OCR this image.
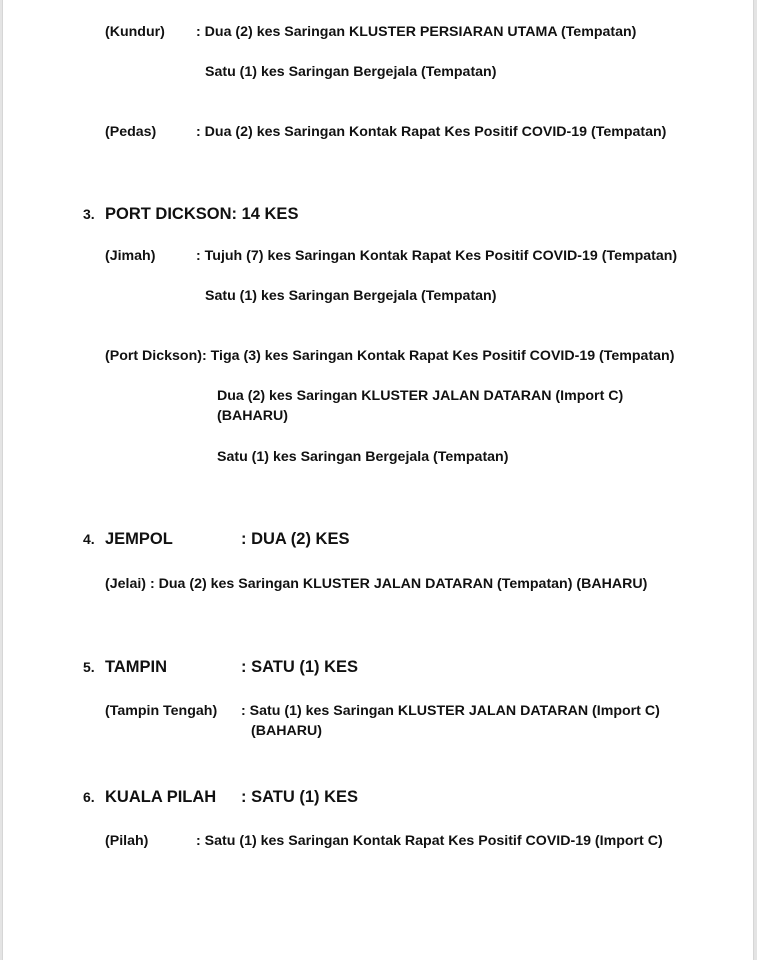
(Kundur) : Dua (2) kes Saringan KLUSTER PERSIARAN UTAMA (Tempatan)
Satu (1) kes Saringan Bergejala (Tempatan)
(Pedas)	: Dua (2) kes Saringan Kontak Rapat Kes Positif COVID-19 (Tempatan)
3. PORT DICKSON: 14 KES
(Jimah)	: Tujuh (7) kes Saringan Kontak Rapat Kes Positif COVID-19 (Tempatan)
Satu (1) kes Saringan Bergejala (Tempatan)
(Port Dickson): Tiga (3) kes Saringan Kontak Rapat Kes Positif COVID-19 (Tempatan)
Dua (2) kes Saringan KLUSTER JALAN DATARAN (Import C)
(BAHARU)
Satu (1) kes Saringan Bergejala (Tempatan)
4. JEMPOL	: DUA (2) KES
(Jelai) : Dua (2) kes Saringan KLUSTER JALAN DATARAN (Tempatan) (BAHARU)
5. TAMPIN	: SATU (1) KES
(Tampin Tengah) : Satu (1) kes Saringan KLUSTER JALAN DATARAN (Import C)
(BAHARU)
6. KUALA PILAH : SATU (1) KES
(Pilah)	: Satu (1) kes Saringan Kontak Rapat Kes Positif COVID-19 (Import C)
